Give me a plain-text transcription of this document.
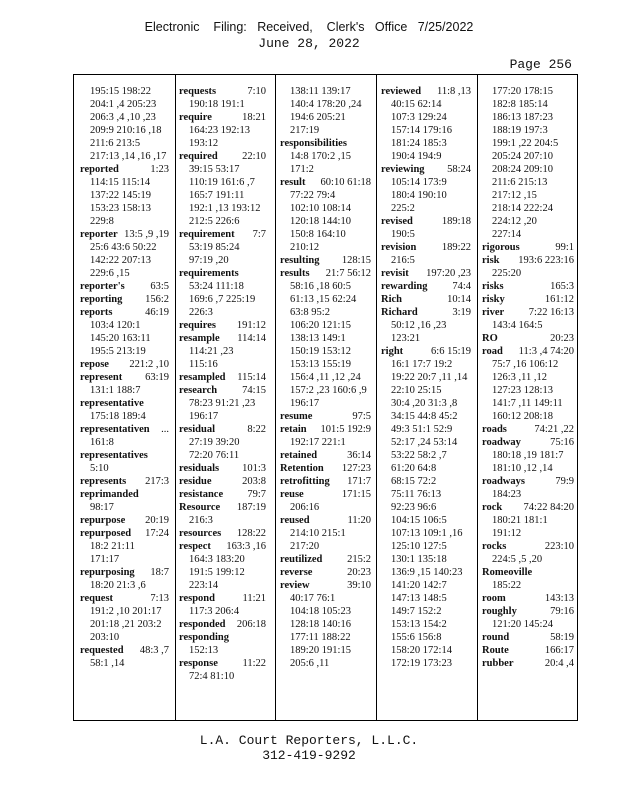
Electronic    Filing:   Received,    Clerk's   Office   7/25/2022
June 28, 2022
Page 256
195:15 198:22
204:1 ,4 205:23
206:3 ,4 ,10 ,23
209:9 210:16 ,18
211:6 213:5
217:13 ,14 ,16 ,17
reported	1:23
114:15 115:14
137:22 145:19
153:23 158:13
229:8
reporter 13:5 ,9 ,19
25:6 43:6 50:22
142:22 207:13
229:6 ,15
reporter's	63:5
reporting	156:2
reports	46:19
103:4 120:1
145:20 163:11
195:5 213:19
repose	221:2 ,10
represent	63:19
131:1 188:7
representative
175:18 189:4
representativen	...
161:8
representatives
5:10
represents	217:3
reprimanded
98:17
repurpose	20:19
repurposed	17:24
18:2 21:11
171:17
repurposing	18:7
18:20 21:3 ,6
request	7:13
191:2 ,10 201:17
201:18 ,21 203:2
203:10
requested	48:3 ,7
58:1 ,14
requests	7:10
190:18 191:1
require	18:21
164:23 192:13
193:12
required	22:10
39:15 53:17
110:19 161:6 ,7
165:7 191:11
192:1 ,13 193:12
212:5 226:6
requirement	7:7
53:19 85:24
97:19 ,20
requirements
53:24 111:18
169:6 ,7 225:19
226:3
requires	191:12
resample	114:14
114:21 ,23
115:16
resampled	115:14
research	74:15
78:23 91:21 ,23
196:17
residual	8:22
27:19 39:20
72:20 76:11
residuals	101:3
residue	203:8
resistance	79:7
Resource	187:19
216:3
resources	128:22
respect	163:3 ,16
164:3 183:20
191:5 199:12
223:14
respond	11:21
117:3 206:4
responded	206:18
responding
152:13
response	11:22
72:4 81:10
138:11 139:17
140:4 178:20 ,24
194:6 205:21
217:19
responsibilities
14:8 170:2 ,15
171:2
result	60:10 61:18
77:22 79:4
102:10 108:14
120:18 144:10
150:8 164:10
210:12
resulting	128:15
results	21:7 56:12
58:16 ,18 60:5
61:13 ,15 62:24
63:8 95:2
106:20 121:15
138:13 149:1
150:19 153:12
153:13 155:19
156:4 ,11 ,12 ,24
157:2 ,23 160:6 ,9
196:17
resume	97:5
retain	101:5 192:9
192:17 221:1
retained	36:14
Retention	127:23
retrofitting	171:7
reuse	171:15
206:16
reused	11:20
214:10 215:1
217:20
reutilized	215:2
reverse	20:23
review	39:10
40:17 76:1
104:18 105:23
128:18 140:16
177:11 188:22
189:20 191:15
205:6 ,11
reviewed	11:8 ,13
40:15 62:14
107:3 129:24
157:14 179:16
181:24 185:3
190:4 194:9
reviewing	58:24
105:14 173:9
180:4 190:10
225:2
revised	189:18
190:5
revision	189:22
216:5
revisit	197:20 ,23
rewarding	74:4
Rich	10:14
Richard	3:19
50:12 ,16 ,23
123:21
right	6:6 15:19
16:1 17:7 19:2
19:22 20:7 ,11 ,14
22:10 25:15
30:4 ,20 31:3 ,8
34:15 44:8 45:2
49:3 51:1 52:9
52:17 ,24 53:14
53:22 58:2 ,7
61:20 64:8
68:15 72:2
75:11 76:13
92:23 96:6
104:15 106:5
107:13 109:1 ,16
125:10 127:5
130:1 135:18
136:9 ,15 140:23
141:20 142:7
147:13 148:5
149:7 152:2
153:13 154:2
155:6 156:8
158:20 172:14
172:19 173:23
177:20 178:15
182:8 185:14
186:13 187:23
188:19 197:3
199:1 ,22 204:5
205:24 207:10
208:24 209:10
211:6 215:13
217:12 ,15
218:14 222:24
224:12 ,20
227:14
rigorous	99:1
risk	193:6 223:16
225:20
risks	165:3
risky	161:12
river	7:22 16:13
143:4 164:5
RO	20:23
road	11:3 ,4 74:20
75:7 ,16 106:12
126:3 ,11 ,12
127:23 128:13
141:7 ,11 149:11
160:12 208:18
roads	74:21 ,22
roadway	75:16
180:18 ,19 181:7
181:10 ,12 ,14
roadways	79:9
184:23
rock	74:22 84:20
180:21 181:1
191:12
rocks	223:10
224:5 ,5 ,20
Romeoville
185:22
room	143:13
roughly	79:16
121:20 145:24
round	58:19
Route	166:17
rubber	20:4 ,4
L.A. Court Reporters, L.L.C.
312-419-9292
